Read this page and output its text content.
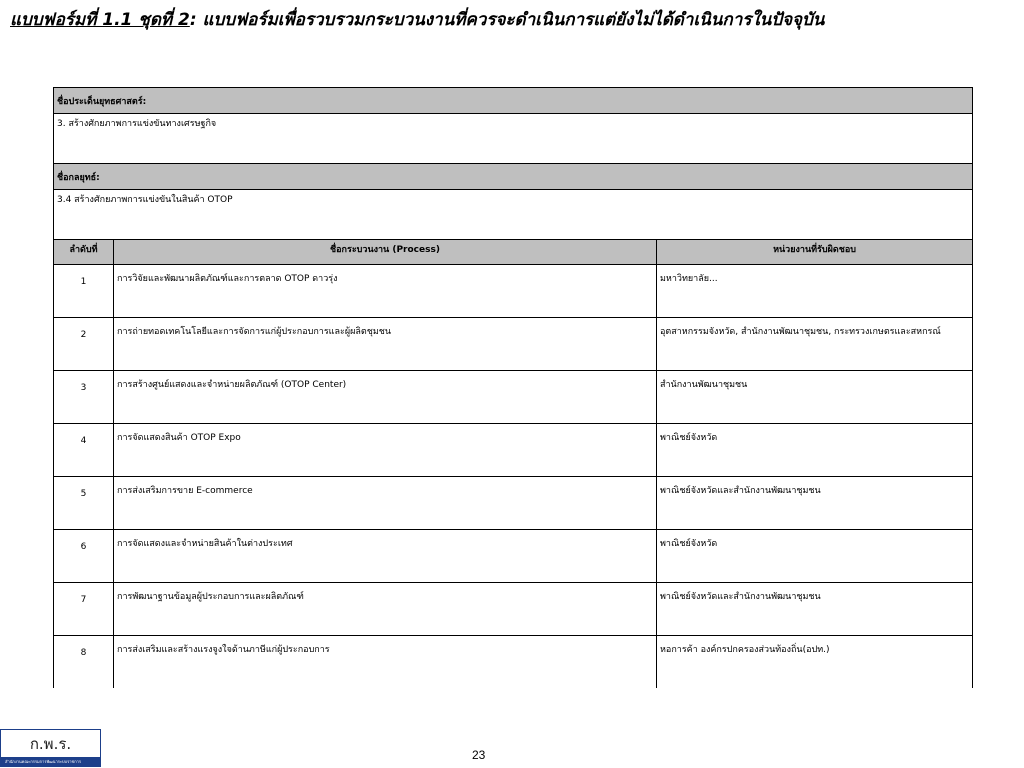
แบบฟอร์มที่ 1.1 ชุดที่ 2: แบบฟอร์มเพื่อรวบรวมกระบวนงานที่ควรจะดำเนินการแต่ยังไม่ได้ดำเนินการในปัจจุบัน
ชื่อประเด็นยุทธศาสตร์:		
3. สร้างศักยภาพการแข่งขันทางเศรษฐกิจ		
ชื่อกลยุทธ์:		
3.4 สร้างศักยภาพการแข่งขันในสินค้า OTOP		
ลำดับที่	ชื่อกระบวนงาน (Process)	หน่วยงานที่รับผิดชอบ
1	การวิจัยและพัฒนาผลิตภัณฑ์และการตลาด OTOP ดาวรุ่ง	มหาวิทยาลัย...
2	การถ่ายทอดเทคโนโลยีและการจัดการแก่ผู้ประกอบการและผู้ผลิตชุมชน	อุตสาหกรรมจังหวัด, สำนักงานพัฒนาชุมชน, กระทรวงเกษตรและสหกรณ์
3	การสร้างศูนย์แสดงและจำหน่ายผลิตภัณฑ์ (OTOP Center)	สำนักงานพัฒนาชุมชน
4	การจัดแสดงสินค้า OTOP Expo	พาณิชย์จังหวัด
5	การส่งเสริมการขาย E-commerce	พาณิชย์จังหวัดและสำนักงานพัฒนาชุมชน
6	การจัดแสดงและจำหน่ายสินค้าในต่างประเทศ	พาณิชย์จังหวัด
7	การพัฒนาฐานข้อมูลผู้ประกอบการและผลิตภัณฑ์	พาณิชย์จังหวัดและสำนักงานพัฒนาชุมชน
8	การส่งเสริมและสร้างแรงจูงใจด้านภาษีแก่ผู้ประกอบการ	หอการค้า องค์กรปกครองส่วนท้องถิ่น(อปท.)
ก.พ.ร.
สำนักงานคณะกรรมการพัฒนาระบบราชการ	23
